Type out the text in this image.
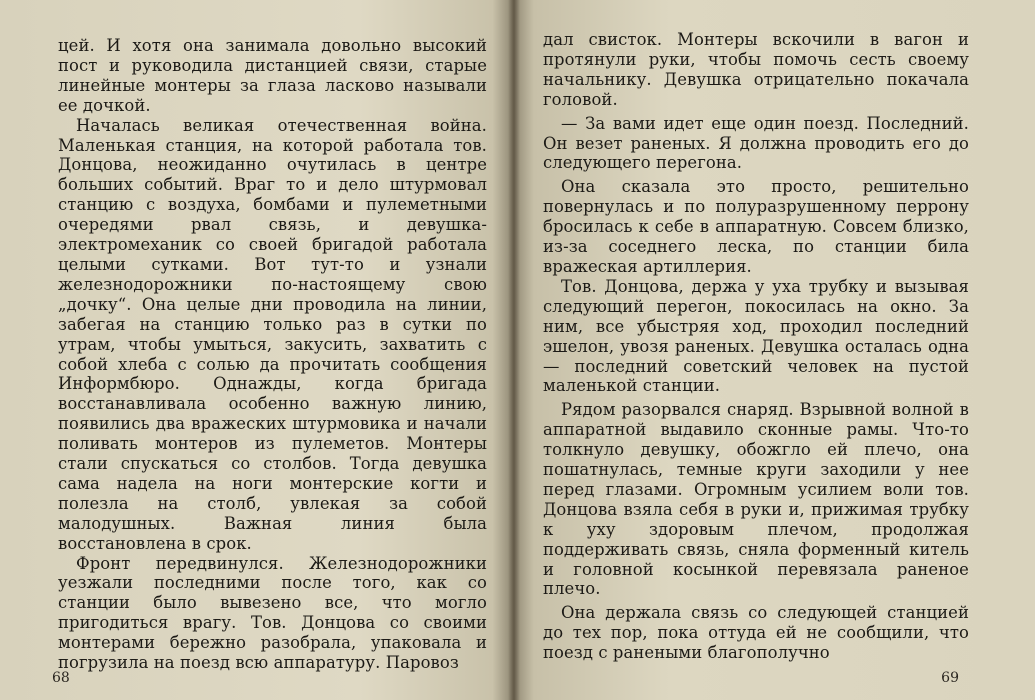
цей. И хотя она занимала довольно высокий пост и руководила дистанцией связи, старые линейные монтеры за глаза ласково называли ее дочкой.

Началась великая отечественная война. Маленькая станция, на которой работала тов. Донцова, неожиданно очутилась в центре больших событий. Враг то и дело штурмовал станцию с воздуха, бомбами и пулеметными очередями рвал связь, и девушка-электромеханик со своей бригадой работала целыми сутками. Вот тут-то и узнали железнодорожники по-настоящему свою „дочку“. Она целые дни проводила на линии, забегая на станцию только раз в сутки по утрам, чтобы умыться, закусить, захватить с собой хлеба с солью да прочитать сообщения Информбюро. Однажды, когда бригада восстанавливала особенно важную линию, появились два вражеских штурмовика и начали поливать монтеров из пулеметов. Монтеры стали спускаться со столбов. Тогда девушка сама надела на ноги монтерские когти и полезла на столб, увлекая за собой малодушных. Важная линия была восстановлена в срок.

Фронт передвинулся. Железнодорожники уезжали последними после того, как со станции было вывезено все, что могло пригодиться врагу. Тов. Донцова со своими монтерами бережно разобрала, упаковала и погрузила на поезд всю аппаратуру. Паровоз

68

дал свисток. Монтеры вскочили в вагон и протянули руки, чтобы помочь сесть своему начальнику. Девушка отрицательно покачала головой.

— За вами идет еще один поезд. Последний. Он везет раненых. Я должна проводить его до следующего перегона.

Она сказала это просто, решительно повернулась и по полуразрушенному перрону бросилась к себе в аппаратную. Совсем близко, из-за соседнего леска, по станции била вражеская артиллерия.

Тов. Донцова, держа у уха трубку и вызывая следующий перегон, покосилась на окно. За ним, все убыстряя ход, проходил последний эшелон, увозя раненых. Девушка осталась одна — последний советский человек на пустой маленькой станции.

Рядом разорвался снаряд. Взрывной волной в аппаратной выдавило сконные рамы. Что-то толкнуло девушку, обожгло ей плечо, она пошатнулась, темные круги заходили у нее перед глазами. Огромным усилием воли тов. Донцова взяла себя в руки и, прижимая трубку к уху здоровым плечом, продолжая поддерживать связь, сняла форменный китель и головной косынкой перевязала раненое плечо.

Она держала связь со следующей станцией до тех пор, пока оттуда ей не сообщили, что поезд с ранеными благополучно

69
